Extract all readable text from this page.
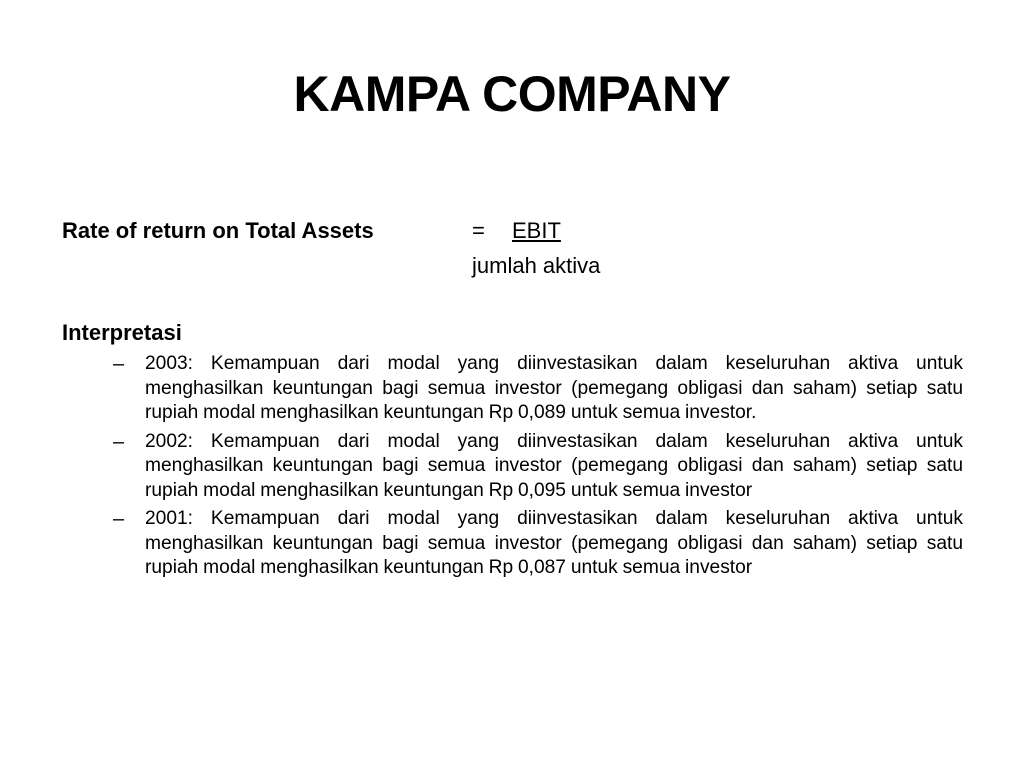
KAMPA COMPANY
Rate of return on Total Assets	= EBIT
jumlah aktiva
Interpretasi
– 2003: Kemampuan dari modal yang diinvestasikan dalam keseluruhan aktiva untuk menghasilkan keuntungan bagi semua investor (pemegang obligasi dan saham) setiap satu rupiah modal menghasilkan keuntungan Rp 0,089 untuk semua investor.
– 2002: Kemampuan dari modal yang diinvestasikan dalam keseluruhan aktiva untuk menghasilkan keuntungan bagi semua investor (pemegang obligasi dan saham) setiap satu rupiah modal menghasilkan keuntungan Rp 0,095 untuk semua investor
– 2001: Kemampuan dari modal yang diinvestasikan dalam keseluruhan aktiva untuk menghasilkan keuntungan bagi semua investor (pemegang obligasi dan saham) setiap satu rupiah modal menghasilkan keuntungan Rp 0,087 untuk semua investor
